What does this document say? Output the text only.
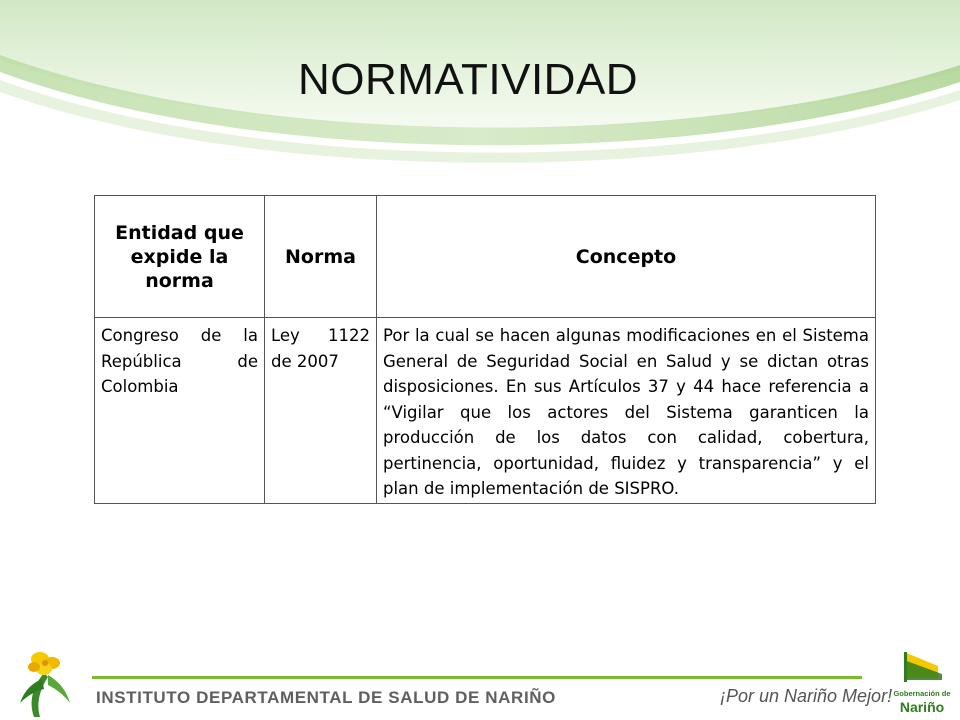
NORMATIVIDAD
Entidad que expide la norma	Norma	Concepto
Congreso de la República de Colombia	Ley 1122 de 2007	Por la cual se hacen algunas modificaciones en el Sistema General de Seguridad Social en Salud y se dictan otras disposiciones. En sus Artículos 37 y 44 hace referencia a “Vigilar que los actores del Sistema garanticen la producción de los datos con calidad, cobertura, pertinencia, oportunidad, fluidez y transparencia” y el plan de implementación de SISPRO.

INSTITUTO DEPARTAMENTAL DE SALUD DE NARIÑO	¡Por un Nariño Mejor! Gobernación de

Nariño
